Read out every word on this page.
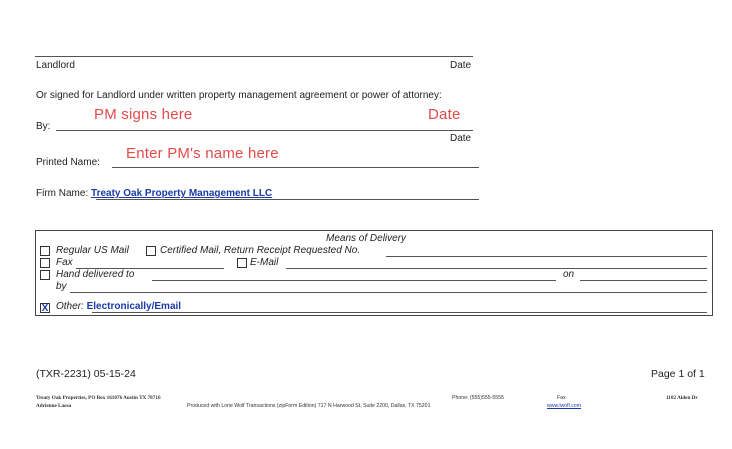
Landlord	Date
Or signed for Landlord under written property management agreement or power of attorney:
By:
PM signs here	Date
Date
Printed Name:
Enter PM's name here
Firm Name: Treaty Oak Property Management LLC
Means of Delivery
Regular US Mail	Certified Mail, Return Receipt Requested No.
Fax	E-Mail
Hand delivered to	on
by
X Other: Electronically/Email
(TXR-2231) 05-15-24	Page 1 of 1
Treaty Oak Properties, PO Box 161076 Austin TX 78716	Phone: (555)555-5555	Fax	1102 Alden Dr
Adrienne Laosa	Produced with Lone Wolf Transactions (zipForm Edition) 717 N Harwood St, Suite 2200, Dallas, TX 75201	www.lwolf.com
